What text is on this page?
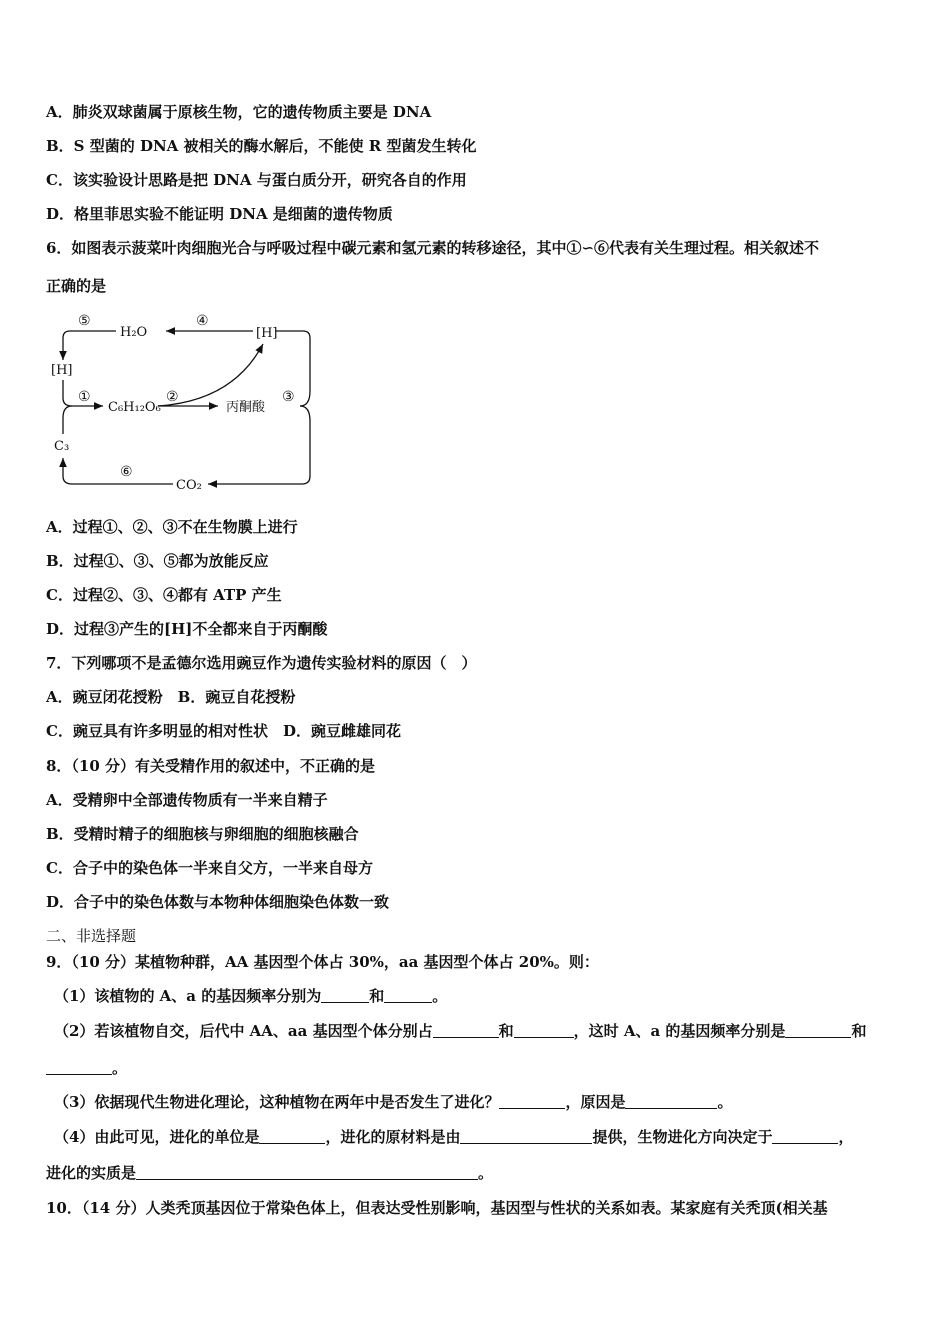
A．肺炎双球菌属于原核生物，它的遗传物质主要是 DNA
B．S 型菌的 DNA 被相关的酶水解后，不能使 R 型菌发生转化
C．该实验设计思路是把 DNA 与蛋白质分开，研究各自的作用
D．格里菲思实验不能证明 DNA 是细菌的遗传物质
6．如图表示菠菜叶肉细胞光合与呼吸过程中碳元素和氢元素的转移途径，其中①∽⑥代表有关生理过程。相关叙述不
正确的是
⑤
H₂O
④
[H]
[H]
①
C₆H₁₂O₆
②
丙酮酸
③
C₃
⑥
CO₂
A．过程①、②、③不在生物膜上进行
B．过程①、③、⑤都为放能反应
C．过程②、③、④都有 ATP 产生
D．过程③产生的[H]不全都来自于丙酮酸
7．下列哪项不是孟德尔选用豌豆作为遗传实验材料的原因（　）
A．豌豆闭花授粉　B．豌豆自花授粉
C．豌豆具有许多明显的相对性状　D．豌豆雌雄同花
8．（10 分）有关受精作用的叙述中，不正确的是
A．受精卵中全部遗传物质有一半来自精子
B．受精时精子的细胞核与卵细胞的细胞核融合
C．合子中的染色体一半来自父方，一半来自母方
D．合子中的染色体数与本物种体细胞染色体数一致
二、非选择题
9．（10 分）某植物种群，AA 基因型个体占 30%，aa 基因型个体占 20%。则：
（1）该植物的 A、a 的基因频率分别为	和	。
（2）若该植物自交，后代中 AA、aa 基因型个体分别占	和	，这时 A、a 的基因频率分别是	和
。
（3）依据现代生物进化理论，这种植物在两年中是否发生了进化？	，原因是	。
（4）由此可见，进化的单位是	，进化的原材料是由	提供，生物进化方向决定于	，
进化的实质是	。
10．（14 分）人类秃顶基因位于常染色体上，但表达受性别影响，基因型与性状的关系如表。某家庭有关秃顶(相关基
